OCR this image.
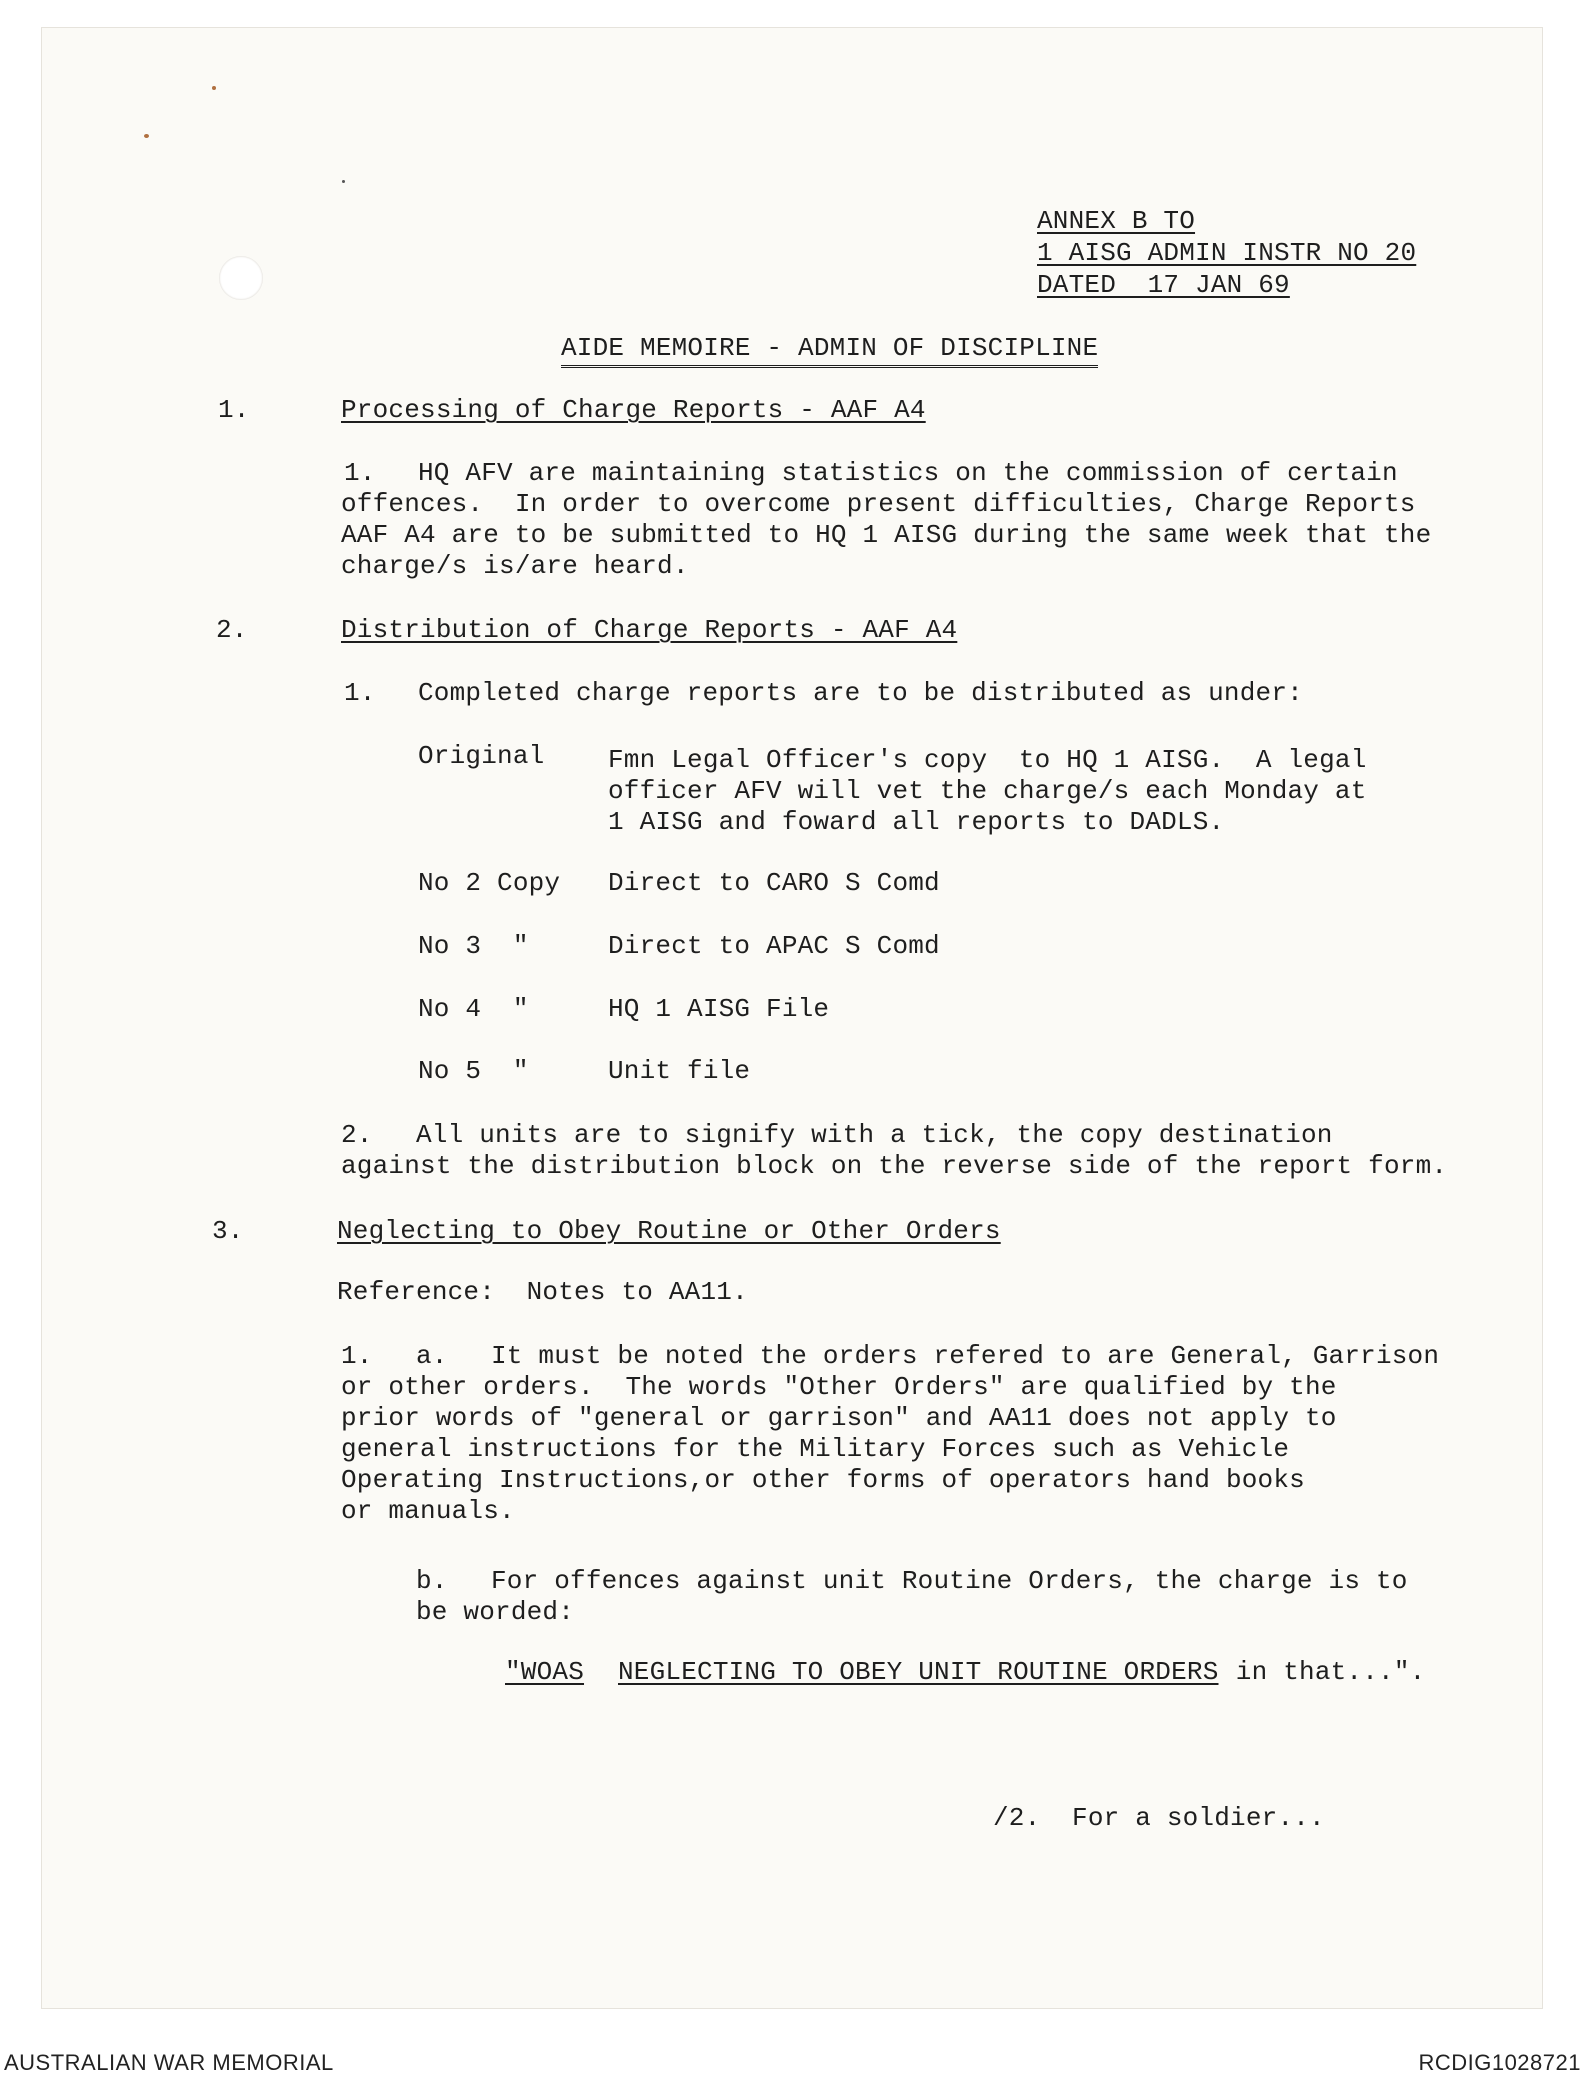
ANNEX B TO
1 AISG ADMIN INSTR NO 20
DATED  17 JAN 69
AIDE MEMOIRE - ADMIN OF DISCIPLINE
1.	Processing of Charge Reports - AAF A4
1. HQ AFV are maintaining statistics on the commission of certain
offences.  In order to overcome present difficulties, Charge Reports
AAF A4 are to be submitted to HQ 1 AISG during the same week that the
charge/s is/are heard.
2.	Distribution of Charge Reports - AAF A4
1. Completed charge reports are to be distributed as under:
Original Fmn Legal Officer's copy  to HQ 1 AISG.  A legal
officer AFV will vet the charge/s each Monday at
1 AISG and foward all reports to DADLS.
No 2 Copy Direct to CARO S Comd
No 3  "	Direct to APAC S Comd
No 4  "	HQ 1 AISG File
No 5  "	Unit file
2. All units are to signify with a tick, the copy destination
against the distribution block on the reverse side of the report form.
3.	Neglecting to Obey Routine or Other Orders
Reference:  Notes to AA11.
1. a. It must be noted the orders refered to are General, Garrison
or other orders.  The words "Other Orders" are qualified by the
prior words of "general or garrison" and AA11 does not apply to
general instructions for the Military Forces such as Vehicle
Operating Instructions,or other forms of operators hand books
or manuals.
b. For offences against unit Routine Orders, the charge is to
be worded:
"WOAS NEGLECTING TO OBEY UNIT ROUTINE ORDERS in that...".
/2.  For a soldier...
AUSTRALIAN WAR MEMORIAL	RCDIG1028721
